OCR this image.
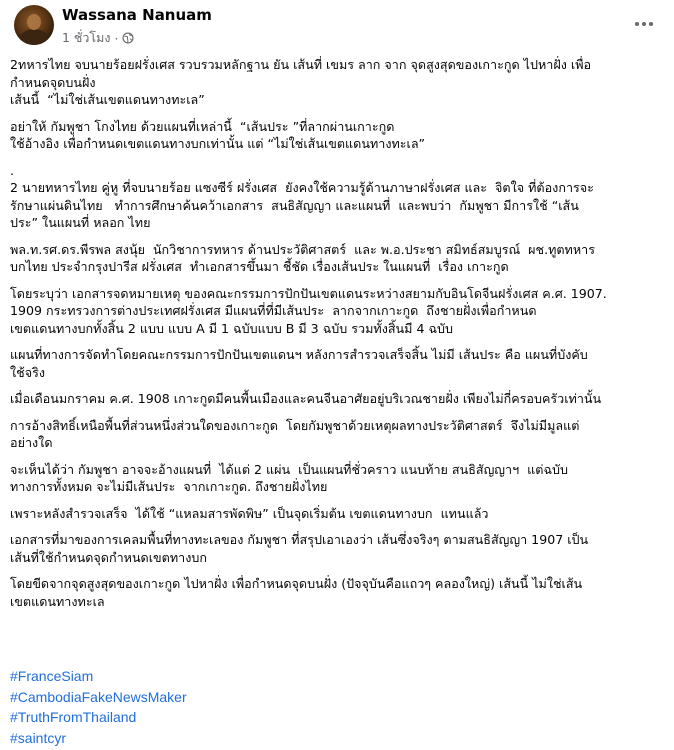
Wassana Nanuam
1 ชั่วโมง ·

2ทหารไทย จบนายร้อยฝรั่งเศส รวบรวมหลักฐาน ยัน เส้นที่ เขมร ลาก จาก จุดสูงสุดของเกาะกูด ไปหาฝั่ง เพื่อ
กำหนดจุดบนฝั่ง
เส้นนี้  “ไม่ใช่เส้นเขตแดนทางทะเล”

อย่าให้ กัมพูชา โกงไทย ด้วยแผนที่เหล่านี้  “เส้นประ ”ที่ลากผ่านเกาะกูด
ใช้อ้างอิง เพื่อกำหนดเขตแดนทางบกเท่านั้น แต่ “ไม่ใช่เส้นเขตแดนทางทะเล”

.
2 นายทหารไทย คู่หู ที่จบนายร้อย แซงซีร์ ฝรั่งเศส  ยังคงใช้ความรู้ด้านภาษาฝรั่งเศส และ  จิตใจ ที่ต้องการจะ
รักษาแผ่นดินไทย   ทำการศึกษาค้นคว้าเอกสาร  สนธิสัญญา และแผนที่  และพบว่า  กัมพูชา มีการใช้ “เส้น
ประ” ในแผนที่ หลอก ไทย

พล.ท.รศ.ดร.พีรพล สงนุ้ย  นักวิชาการทหาร ด้านประวัติศาสตร์  และ พ.อ.ประชา สมิทธ์สมบูรณ์  ผช.ทูตทหาร
บกไทย ประจำกรุงปารีส ฝรั่งเศส  ทำเอกสารขึ้นมา ชี้ชัด เรื่องเส้นประ ในแผนที่  เรื่อง เกาะกูด

โดยระบุว่า เอกสารจดหมายเหตุ ของคณะกรรมการปักปันเขตแดนระหว่างสยามกับอินโดจีนฝรั่งเศส ค.ศ. 1907.
1909 กระทรวงการต่างประเทศฝรั่งเศส มีแผนที่ที่มีเส้นประ  ลากจากเกาะกูด  ถึงชายฝั่งเพื่อกำหนด
เขตแดนทางบกทั้งสิ้น 2 แบบ แบบ A มี 1 ฉบับแบบ B มี 3 ฉบับ รวมทั้งสิ้นมี 4 ฉบับ

แผนที่ทางการจัดทำโดยคณะกรรมการปักปันเขตแดนฯ หลังการสำรวจเสร็จสิ้น ไม่มี เส้นประ คือ แผนที่บังคับ
ใช้จริง

เมื่อเดือนมกราคม ค.ศ. 1908 เกาะกูดมีคนพื้นเมืองและคนจีนอาศัยอยู่บริเวณชายฝั่ง เพียงไม่กี่ครอบครัวเท่านั้น

การอ้างสิทธิ์เหนือพื้นที่ส่วนหนึ่งส่วนใดของเกาะกูด  โดยกัมพูชาด้วยเหตุผลทางประวัติศาสตร์  จึงไม่มีมูลแต่
อย่างใด

จะเห็นได้ว่า กัมพูชา อาจจะอ้างแผนที่  ได้แต่ 2 แผ่น  เป็นแผนที่ชั่วคราว แนบท้าย สนธิสัญญาฯ  แต่ฉบับ
ทางการทั้งหมด จะไม่มีเส้นประ  จากเกาะกูด. ถึงชายฝั่งไทย

เพราะหลังสำรวจเสร็จ  ได้ใช้ “แหลมสารพัดพิษ” เป็นจุดเริ่มต้น เขตแดนทางบก  แทนแล้ว

เอกสารที่มาของการเคลมพื้นที่ทางทะเลของ กัมพูชา ที่สรุปเอาเองว่า เส้นซึ่งจริงๆ ตามสนธิสัญญา 1907 เป็น
เส้นที่ใช้กำหนดจุดกำหนดเขตทางบก

โดยขีดจากจุดสูงสุดของเกาะกูด ไปหาฝั่ง เพื่อกำหนดจุดบนฝั่ง (ปัจจุบันคือแถวๆ คลองใหญ่) เส้นนี้ ไม่ใช่เส้น
เขตแดนทางทะเล

#FranceSiam
#CambodiaFakeNewsMaker
#TruthFromThailand
#saintcyr
